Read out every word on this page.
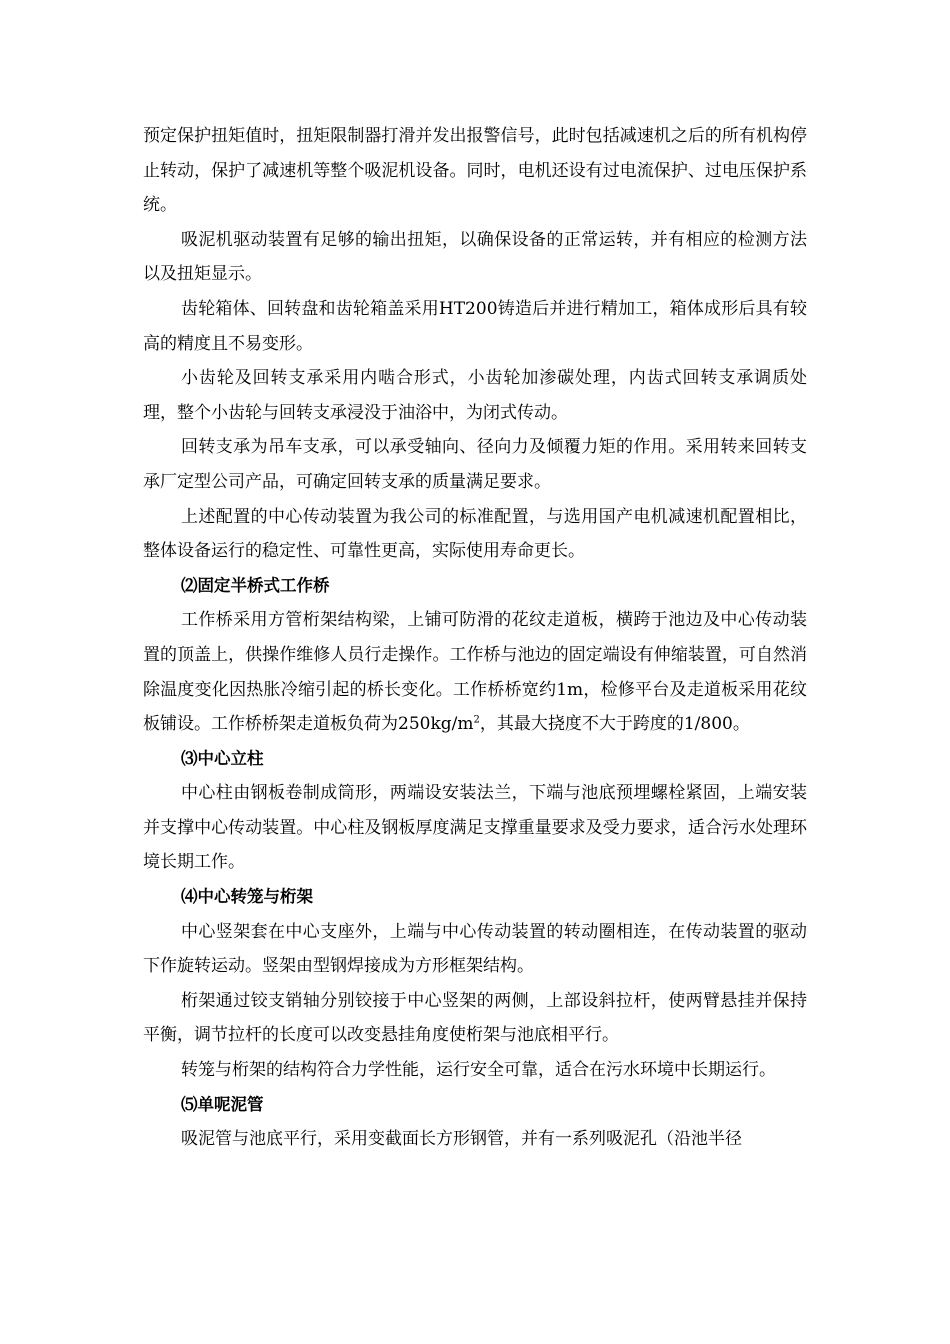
预定保护扭矩值时，扭矩限制器打滑并发出报警信号，此时包括减速机之后的所有机构停止转动，保护了减速机等整个吸泥机设备。同时，电机还设有过电流保护、过电压保护系统。

吸泥机驱动装置有足够的输出扭矩，以确保设备的正常运转，并有相应的检测方法以及扭矩显示。

齿轮箱体、回转盘和齿轮箱盖采用HT200铸造后并进行精加工，箱体成形后具有较高的精度且不易变形。

小齿轮及回转支承采用内啮合形式，小齿轮加渗碳处理，内齿式回转支承调质处理，整个小齿轮与回转支承浸没于油浴中，为闭式传动。

回转支承为吊车支承，可以承受轴向、径向力及倾覆力矩的作用。采用转来回转支承厂定型公司产品，可确定回转支承的质量满足要求。

上述配置的中心传动装置为我公司的标准配置，与选用国产电机减速机配置相比，整体设备运行的稳定性、可靠性更高，实际使用寿命更长。

⑵固定半桥式工作桥

工作桥采用方管桁架结构梁，上铺可防滑的花纹走道板，横跨于池边及中心传动装置的顶盖上，供操作维修人员行走操作。工作桥与池边的固定端设有伸缩装置，可自然消除温度变化因热胀冷缩引起的桥长变化。工作桥桥宽约1m，检修平台及走道板采用花纹板铺设。工作桥桥架走道板负荷为$250kg/m^2$，其最大挠度不大于跨度的1/800。

⑶中心立柱

中心柱由钢板卷制成筒形，两端设安装法兰，下端与池底预埋螺栓紧固，上端安装并支撑中心传动装置。中心柱及钢板厚度满足支撑重量要求及受力要求，适合污水处理环境长期工作。

⑷中心转笼与桁架

中心竖架套在中心支座外，上端与中心传动装置的转动圈相连，在传动装置的驱动下作旋转运动。竖架由型钢焊接成为方形框架结构。

桁架通过铰支销轴分别铰接于中心竖架的两侧，上部设斜拉杆，使两臂悬挂并保持平衡，调节拉杆的长度可以改变悬挂角度使桁架与池底相平行。

转笼与桁架的结构符合力学性能，运行安全可靠，适合在污水环境中长期运行。

⑸单呢泥管

吸泥管与池底平行，采用变截面长方形钢管，并有一系列吸泥孔（沿池半径
